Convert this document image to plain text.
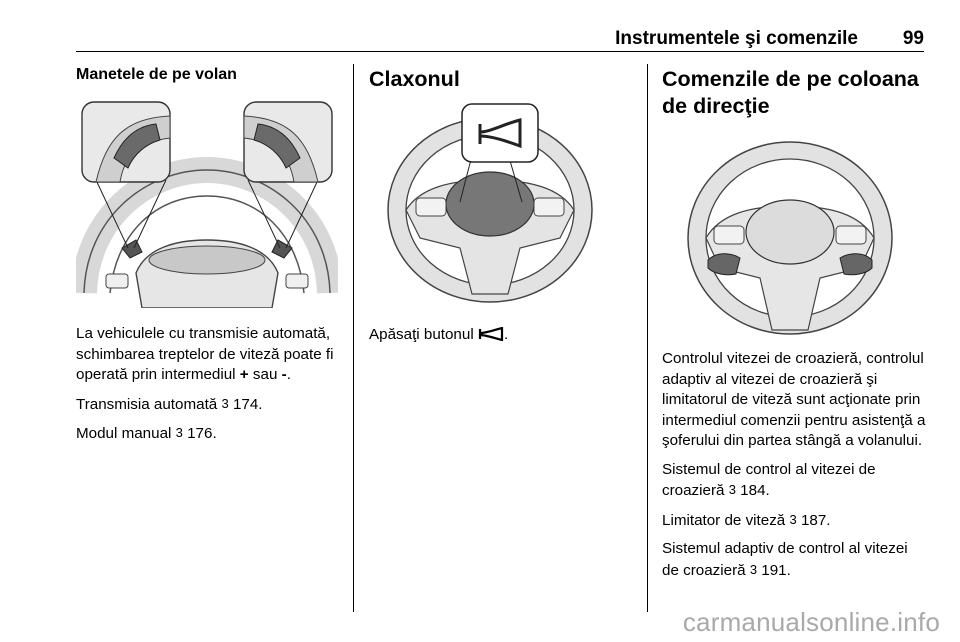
Instrumentele şi comenzile 99
Manetele de pe volan

La vehiculele cu transmisie automată, schimbarea treptelor de viteză poate fi operată prin intermediul + sau -.

Transmisia automată 3 174.

Modul manual 3 176.

Claxonul

Apăsaţi butonul .

Comenzile de pe coloana
de direcţie

Controlul vitezei de croazieră, controlul adaptiv al vitezei de croazieră şi limitatorul de viteză sunt acţionate prin intermediul comenzii pentru asistenţă a şoferului din partea stângă a volanului.

Sistemul de control al vitezei de croazieră 3 184.

Limitator de viteză 3 187.

Sistemul adaptiv de control al vitezei de croazieră 3 191.

carmanualsonline.info
